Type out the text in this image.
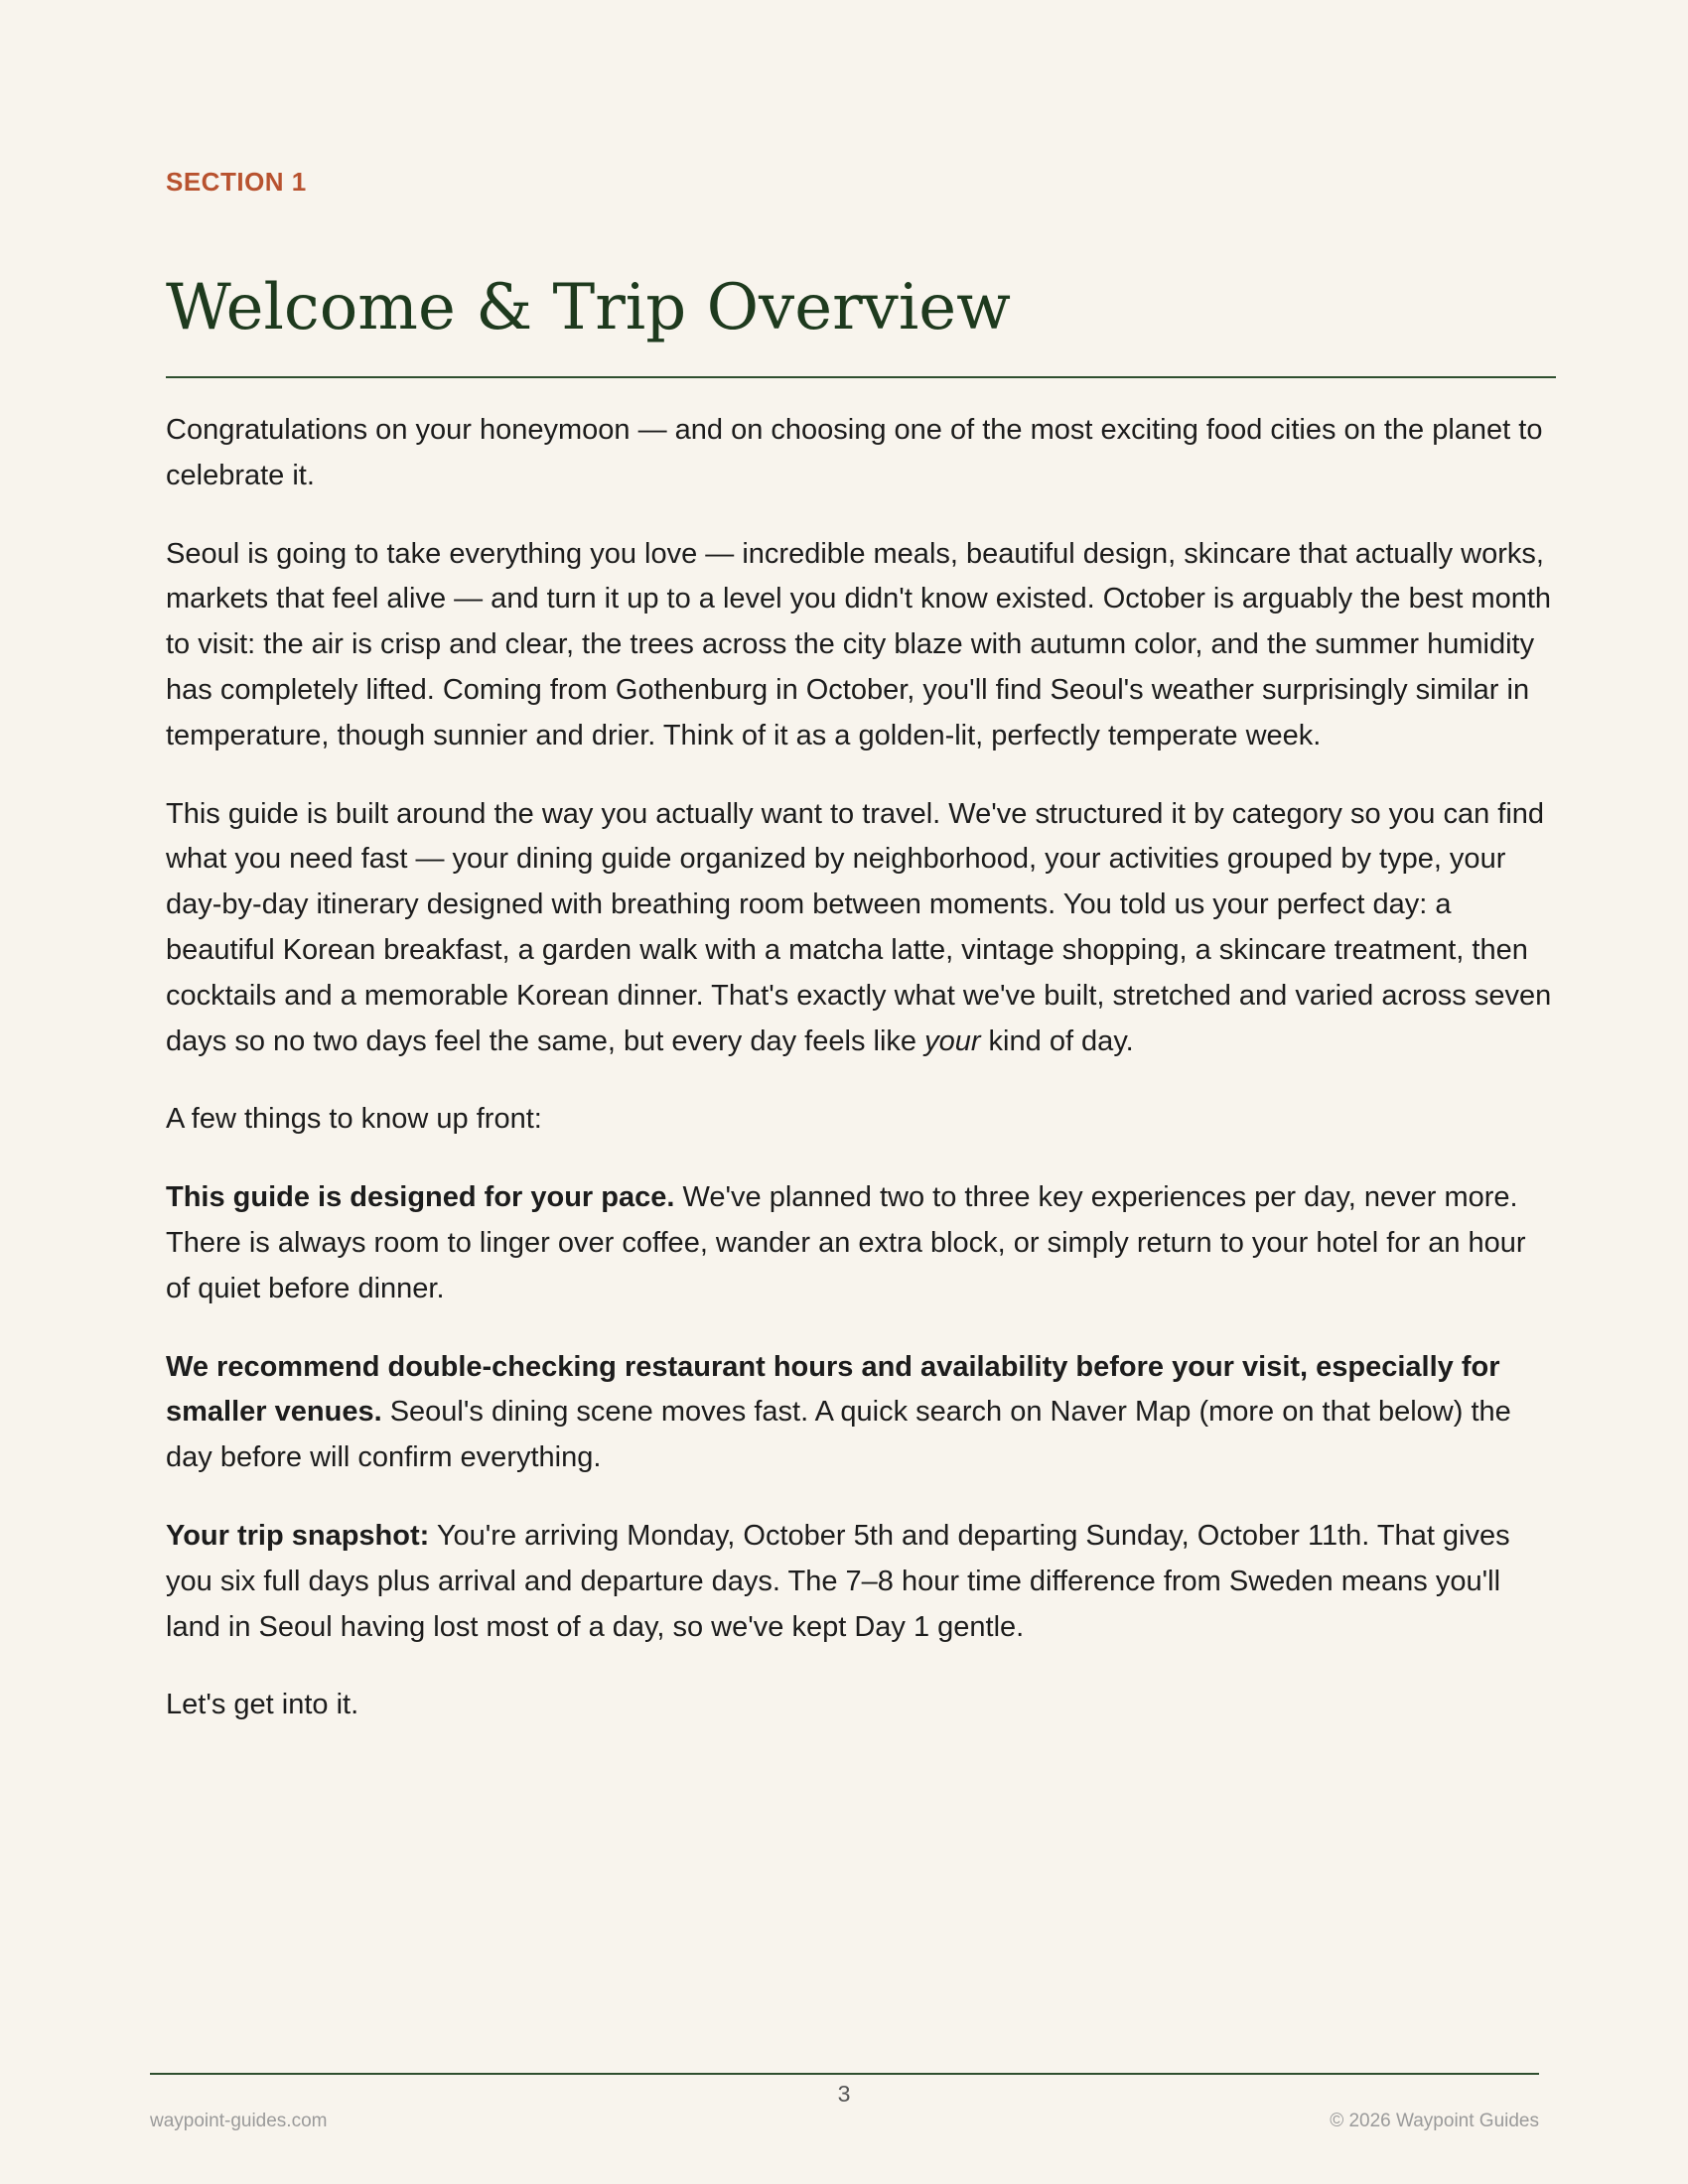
SECTION 1
Welcome & Trip Overview

Congratulations on your honeymoon — and on choosing one of the most exciting food cities on the planet to celebrate it.

Seoul is going to take everything you love — incredible meals, beautiful design, skincare that actually works, markets that feel alive — and turn it up to a level you didn't know existed. October is arguably the best month to visit: the air is crisp and clear, the trees across the city blaze with autumn color, and the summer humidity has completely lifted. Coming from Gothenburg in October, you'll find Seoul's weather surprisingly similar in temperature, though sunnier and drier. Think of it as a golden-lit, perfectly temperate week.

This guide is built around the way you actually want to travel. We've structured it by category so you can find what you need fast — your dining guide organized by neighborhood, your activities grouped by type, your day-by-day itinerary designed with breathing room between moments. You told us your perfect day: a beautiful Korean breakfast, a garden walk with a matcha latte, vintage shopping, a skincare treatment, then cocktails and a memorable Korean dinner. That's exactly what we've built, stretched and varied across seven days so no two days feel the same, but every day feels like your kind of day.

A few things to know up front:

This guide is designed for your pace. We've planned two to three key experiences per day, never more. There is always room to linger over coffee, wander an extra block, or simply return to your hotel for an hour of quiet before dinner.

We recommend double-checking restaurant hours and availability before your visit, especially for smaller venues. Seoul's dining scene moves fast. A quick search on Naver Map (more on that below) the day before will confirm everything.

Your trip snapshot: You're arriving Monday, October 5th and departing Sunday, October 11th. That gives you six full days plus arrival and departure days. The 7–8 hour time difference from Sweden means you'll land in Seoul having lost most of a day, so we've kept Day 1 gentle.

Let's get into it.

3
waypoint-guides.com	© 2026 Waypoint Guides
